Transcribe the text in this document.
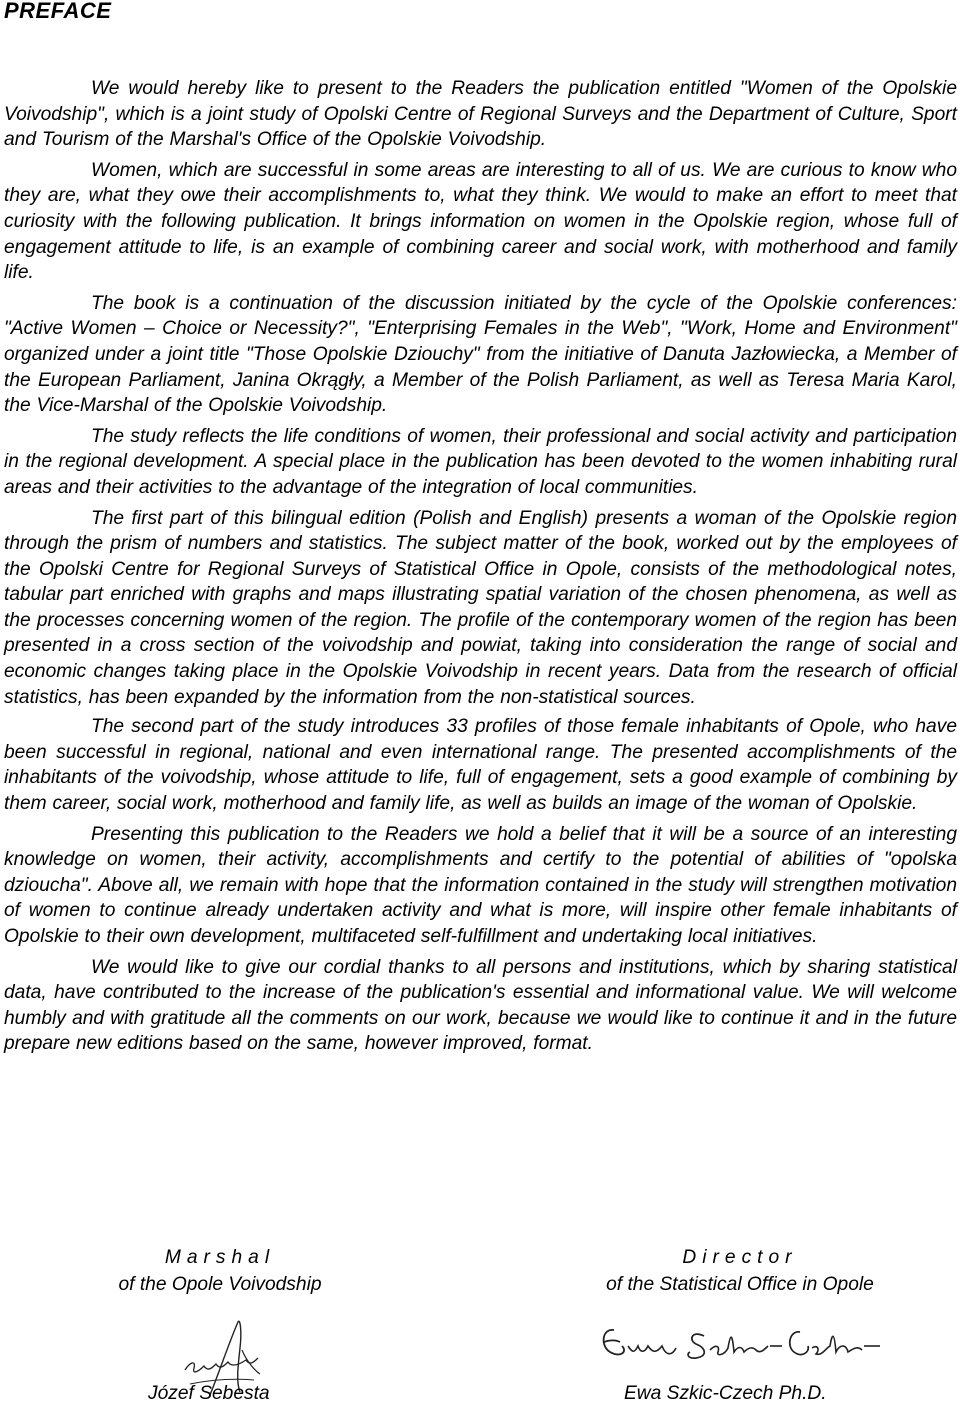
PREFACE

We would hereby like to present to the Readers the publication entitled "Women of the Opolskie Voivodship", which is a joint study of Opolski Centre of Regional Surveys and the Department of Culture, Sport and Tourism of the Marshal's Office of the Opolskie Voivodship.

Women, which are successful in some areas are interesting to all of us. We are curious to know who they are, what they owe their accomplishments to, what they think. We would to make an effort to meet that curiosity with the following publication. It brings information on women in the Opolskie region, whose full of engagement attitude to life, is an example of combining career and social work, with motherhood and family life.

The book is a continuation of the discussion initiated by the cycle of the Opolskie conferences: "Active Women – Choice or Necessity?", "Enterprising Females in the Web", "Work, Home and Environment" organized under a joint title "Those Opolskie Dziouchy" from the initiative of Danuta Jazłowiecka, a Member of the European Parliament, Janina Okrągły, a Member of the Polish Parliament, as well as Teresa Maria Karol, the Vice-Marshal of the Opolskie Voivodship.

The study reflects the life conditions of women, their professional and social activity and participation in the regional development. A special place in the publication has been devoted to the women inhabiting rural areas and their activities to the advantage of the integration of local communities.

The first part of this bilingual edition (Polish and English) presents a woman of the Opolskie region through the prism of numbers and statistics. The subject matter of the book, worked out by the employees of the Opolski Centre for Regional Surveys of Statistical Office in Opole, consists of the methodological notes, tabular part enriched with graphs and maps illustrating spatial variation of the chosen phenomena, as well as the processes concerning women of the region. The profile of the contemporary women of the region has been presented in a cross section of the voivodship and powiat, taking into consideration the range of social and economic changes taking place in the Opolskie Voivodship in recent years. Data from the research of official statistics, has been expanded by the information from the non-statistical sources.

The second part of the study introduces 33 profiles of those female inhabitants of Opole, who have been successful in regional, national and even international range. The presented accomplishments of the inhabitants of the voivodship, whose attitude to life, full of engagement, sets a good example of combining by them career, social work, motherhood and family life, as well as builds an image of the woman of Opolskie.

Presenting this publication to the Readers we hold a belief that it will be a source of an interesting knowledge on women, their activity, accomplishments and certify to the potential of abilities of "opolska dzioucha". Above all, we remain with hope that the information contained in the study will strengthen motivation of women to continue already undertaken activity and what is more, will inspire other female inhabitants of Opolskie to their own development, multifaceted self-fulfillment and undertaking local initiatives.

We would like to give our cordial thanks to all persons and institutions, which by sharing statistical data, have contributed to the increase of the publication's essential and informational value. We will welcome humbly and with gratitude all the comments on our work, because we would like to continue it and in the future prepare new editions based on the same, however improved, format.

Marshal
of the Opole Voivodship
Director
of the Statistical Office in Opole
Józef Sebesta	Ewa Szkic-Czech Ph.D.
